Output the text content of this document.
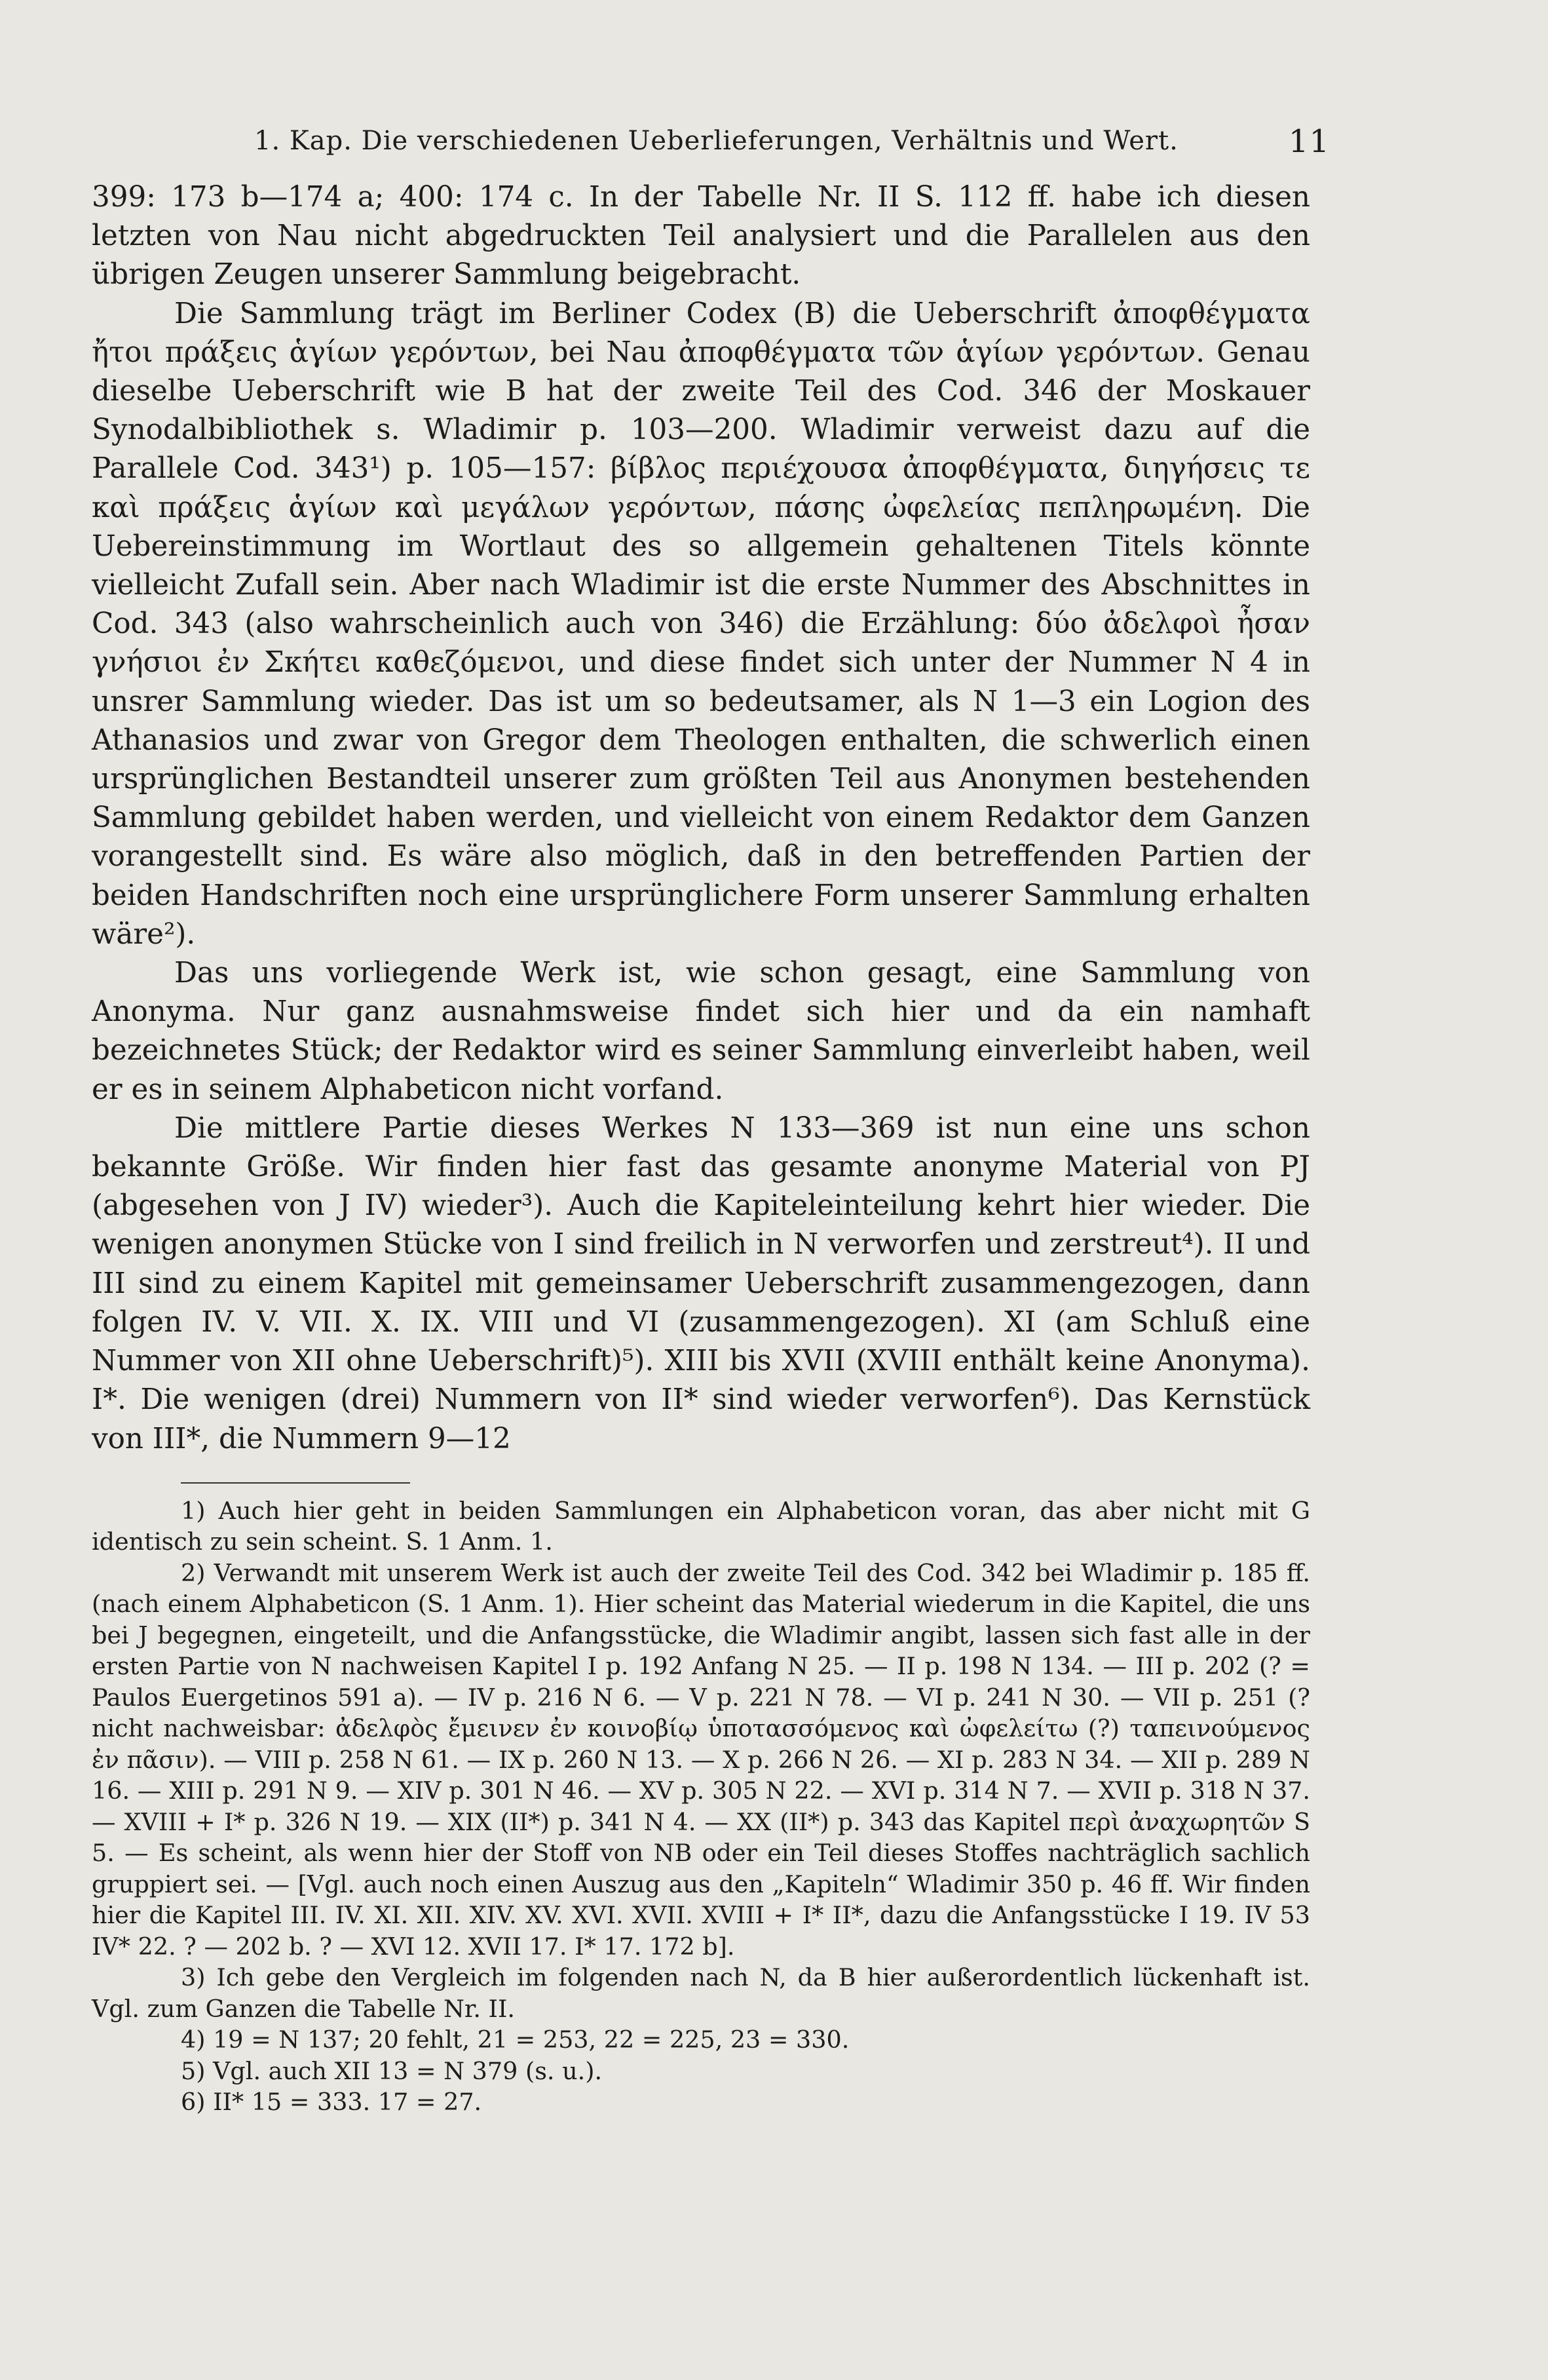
1. Kap. Die verschiedenen Ueberlieferungen, Verhältnis und Wert.	11

399: 173 b—174 a; 400: 174 c. In der Tabelle Nr. II S. 112 ff. habe ich diesen letzten von Nau nicht abgedruckten Teil analysiert und die Parallelen aus den übrigen Zeugen unserer Sammlung beigebracht.

Die Sammlung trägt im Berliner Codex (B) die Ueberschrift ἀποφθέγματα ἤτοι πράξεις ἁγίων γερόντων, bei Nau ἀποφθέγματα τῶν ἁγίων γερόντων. Genau dieselbe Ueberschrift wie B hat der zweite Teil des Cod. 346 der Moskauer Synodalbibliothek s. Wladimir p. 103—200. Wladimir verweist dazu auf die Parallele Cod. 343¹) p. 105—157: βίβλος περιέχουσα ἀποφθέγματα, διηγήσεις τε καὶ πράξεις ἁγίων καὶ μεγάλων γερόντων, πάσης ὠφελείας πεπληρωμένη. Die Uebereinstimmung im Wortlaut des so allgemein gehaltenen Titels könnte vielleicht Zufall sein. Aber nach Wladimir ist die erste Nummer des Abschnittes in Cod. 343 (also wahrscheinlich auch von 346) die Erzählung: δύο ἀδελφοὶ ἦσαν γνήσιοι ἐν Σκήτει καθεζόμενοι, und diese findet sich unter der Nummer N 4 in unsrer Sammlung wieder. Das ist um so bedeutsamer, als N 1—3 ein Logion des Athanasios und zwar von Gregor dem Theologen enthalten, die schwerlich einen ursprünglichen Bestandteil unserer zum größten Teil aus Anonymen bestehenden Sammlung gebildet haben werden, und vielleicht von einem Redaktor dem Ganzen vorangestellt sind. Es wäre also möglich, daß in den betreffenden Partien der beiden Handschriften noch eine ursprünglichere Form unserer Sammlung erhalten wäre²).

Das uns vorliegende Werk ist, wie schon gesagt, eine Sammlung von Anonyma. Nur ganz ausnahmsweise findet sich hier und da ein namhaft bezeichnetes Stück; der Redaktor wird es seiner Sammlung einverleibt haben, weil er es in seinem Alphabeticon nicht vorfand.

Die mittlere Partie dieses Werkes N 133—369 ist nun eine uns schon bekannte Größe. Wir finden hier fast das gesamte anonyme Material von PJ (abgesehen von J IV) wieder³). Auch die Kapiteleinteilung kehrt hier wieder. Die wenigen anonymen Stücke von I sind freilich in N verworfen und zerstreut⁴). II und III sind zu einem Kapitel mit gemeinsamer Ueberschrift zusammengezogen, dann folgen IV. V. VII. X. IX. VIII und VI (zusammengezogen). XI (am Schluß eine Nummer von XII ohne Ueberschrift)⁵). XIII bis XVII (XVIII enthält keine Anonyma). I*. Die wenigen (drei) Nummern von II* sind wieder verworfen⁶). Das Kernstück von III*, die Nummern 9—12

1) Auch hier geht in beiden Sammlungen ein Alphabeticon voran, das aber nicht mit G identisch zu sein scheint. S. 1 Anm. 1.

2) Verwandt mit unserem Werk ist auch der zweite Teil des Cod. 342 bei Wladimir p. 185 ff. (nach einem Alphabeticon (S. 1 Anm. 1). Hier scheint das Material wiederum in die Kapitel, die uns bei J begegnen, eingeteilt, und die Anfangsstücke, die Wladimir angibt, lassen sich fast alle in der ersten Partie von N nachweisen Kapitel I p. 192 Anfang N 25. — II p. 198 N 134. — III p. 202 (? = Paulos Euergetinos 591 a). — IV p. 216 N 6. — V p. 221 N 78. — VI p. 241 N 30. — VII p. 251 (? nicht nachweisbar: ἀδελφὸς ἔμεινεν ἐν κοινοβίῳ ὑποτασσόμενος καὶ ὠφελείτω (?) ταπεινούμενος ἐν πᾶσιν). — VIII p. 258 N 61. — IX p. 260 N 13. — X p. 266 N 26. — XI p. 283 N 34. — XII p. 289 N 16. — XIII p. 291 N 9. — XIV p. 301 N 46. — XV p. 305 N 22. — XVI p. 314 N 7. — XVII p. 318 N 37. — XVIII + I* p. 326 N 19. — XIX (II*) p. 341 N 4. — XX (II*) p. 343 das Kapitel περὶ ἀναχωρητῶν S 5. — Es scheint, als wenn hier der Stoff von NB oder ein Teil dieses Stoffes nachträglich sachlich gruppiert sei. — [Vgl. auch noch einen Auszug aus den „Kapiteln“ Wladimir 350 p. 46 ff. Wir finden hier die Kapitel III. IV. XI. XII. XIV. XV. XVI. XVII. XVIII + I* II*, dazu die Anfangsstücke I 19. IV 53 IV* 22. ? — 202 b. ? — XVI 12. XVII 17. I* 17. 172 b].

3) Ich gebe den Vergleich im folgenden nach N, da B hier außerordentlich lückenhaft ist. Vgl. zum Ganzen die Tabelle Nr. II.

4) 19 = N 137; 20 fehlt, 21 = 253, 22 = 225, 23 = 330.

5) Vgl. auch XII 13 = N 379 (s. u.).

6) II* 15 = 333. 17 = 27.
